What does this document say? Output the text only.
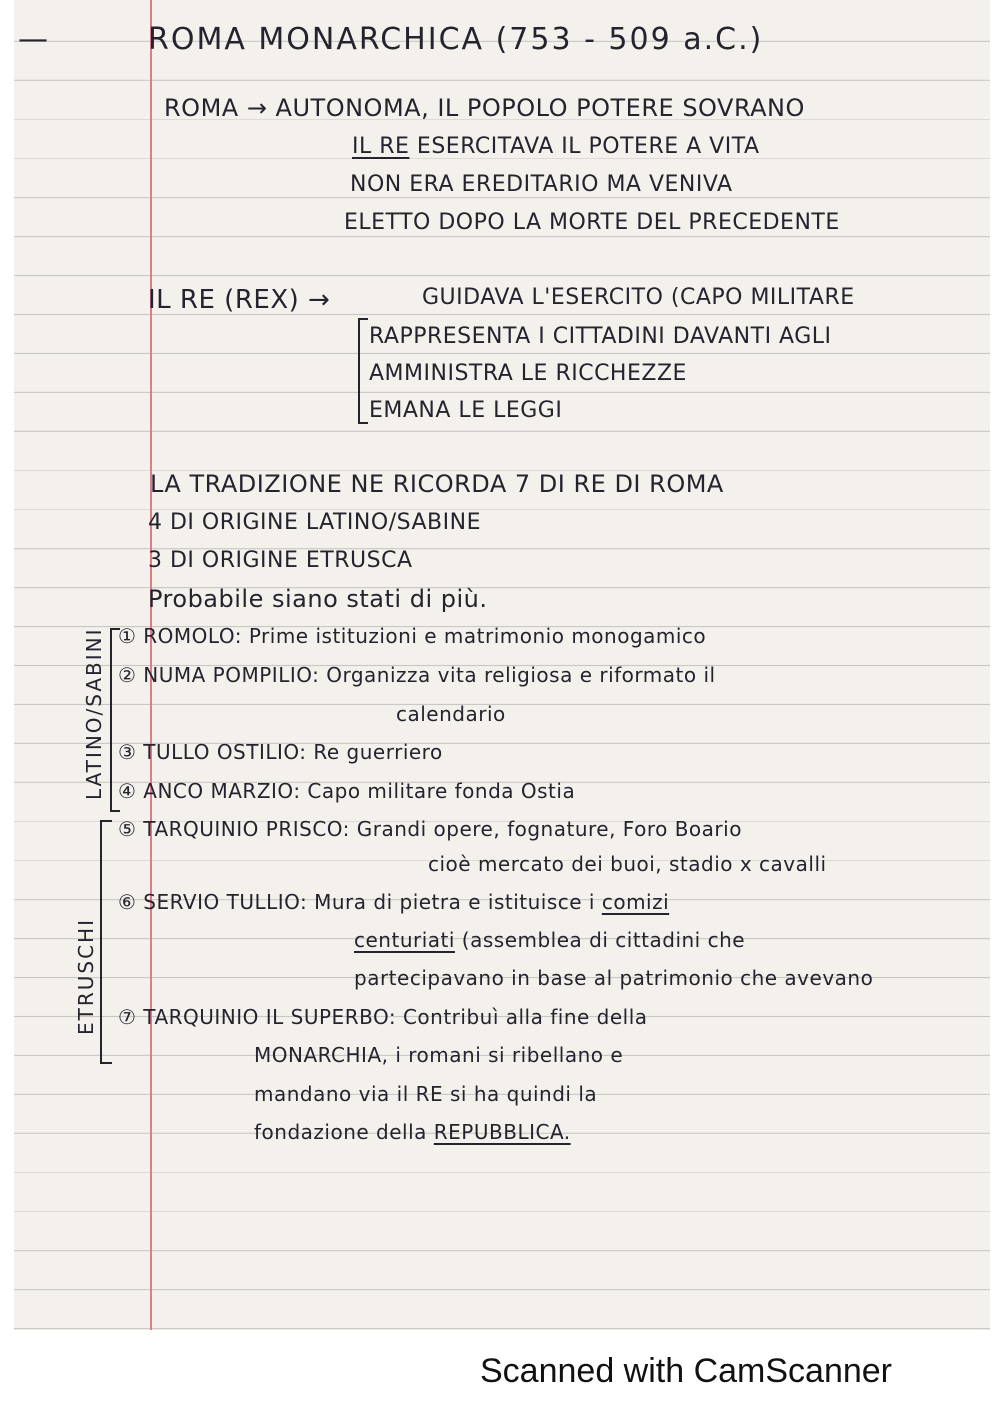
—	ROMA MONARCHICA (753 - 509 a.C.)
ROMA → AUTONOMA, IL POPOLO POTERE SOVRANO
IL RE ESERCITAVA IL POTERE A VITA
NON ERA EREDITARIO MA VENIVA
ELETTO DOPO LA MORTE DEL PRECEDENTE
IL RE (REX) →	GUIDAVA L'ESERCITO (CAPO MILITARE
RAPPRESENTA I CITTADINI DAVANTI AGLI
AMMINISTRA LE RICCHEZZE
EMANA LE LEGGI
LA TRADIZIONE NE RICORDA 7 DI RE DI ROMA
4 DI ORIGINE LATINO/SABINE
3 DI ORIGINE ETRUSCA
Probabile siano stati di più.
LATINO/SABINI
ETRUSCHI
① ROMOLO: Prime istituzioni e matrimonio monogamico
② NUMA POMPILIO: Organizza vita religiosa e riformato il
calendario
③ TULLO OSTILIO: Re guerriero
④ ANCO MARZIO: Capo militare fonda Ostia
⑤ TARQUINIO PRISCO: Grandi opere, fognature, Foro Boario
cioè mercato dei buoi, stadio x cavalli
⑥ SERVIO TULLIO: Mura di pietra e istituisce i comizi
centuriati (assemblea di cittadini che
partecipavano in base al patrimonio che avevano
⑦ TARQUINIO IL SUPERBO: Contribuì alla fine della
MONARCHIA, i romani si ribellano e
mandano via il RE si ha quindi la
fondazione della REPUBBLICA.
Scanned with CamScanner
